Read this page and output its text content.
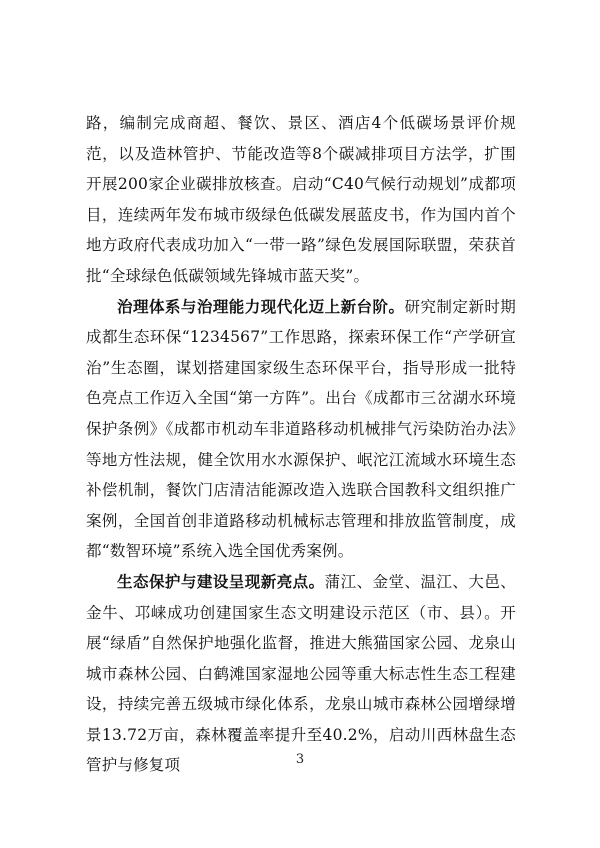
路，编制完成商超、餐饮、景区、酒店4个低碳场景评价规范，以及造林管护、节能改造等8个碳减排项目方法学，扩围开展200家企业碳排放核查。启动“C40气候行动规划”成都项目，连续两年发布城市级绿色低碳发展蓝皮书，作为国内首个地方政府代表成功加入“一带一路”绿色发展国际联盟，荣获首批“全球绿色低碳领域先锋城市蓝天奖”。

治理体系与治理能力现代化迈上新台阶。研究制定新时期成都生态环保“1234567”工作思路，探索环保工作“产学研宣治”生态圈，谋划搭建国家级生态环保平台，指导形成一批特色亮点工作迈入全国“第一方阵”。出台《成都市三岔湖水环境保护条例》《成都市机动车非道路移动机械排气污染防治办法》等地方性法规，健全饮用水水源保护、岷沱江流域水环境生态补偿机制，餐饮门店清洁能源改造入选联合国教科文组织推广案例，全国首创非道路移动机械标志管理和排放监管制度，成都“数智环境”系统入选全国优秀案例。

生态保护与建设呈现新亮点。蒲江、金堂、温江、大邑、金牛、邛崃成功创建国家生态文明建设示范区（市、县）。开展“绿盾”自然保护地强化监督，推进大熊猫国家公园、龙泉山城市森林公园、白鹤滩国家湿地公园等重大标志性生态工程建设，持续完善五级城市绿化体系，龙泉山城市森林公园增绿增景13.72万亩，森林覆盖率提升至40.2%，启动川西林盘生态管护与修复项	3
